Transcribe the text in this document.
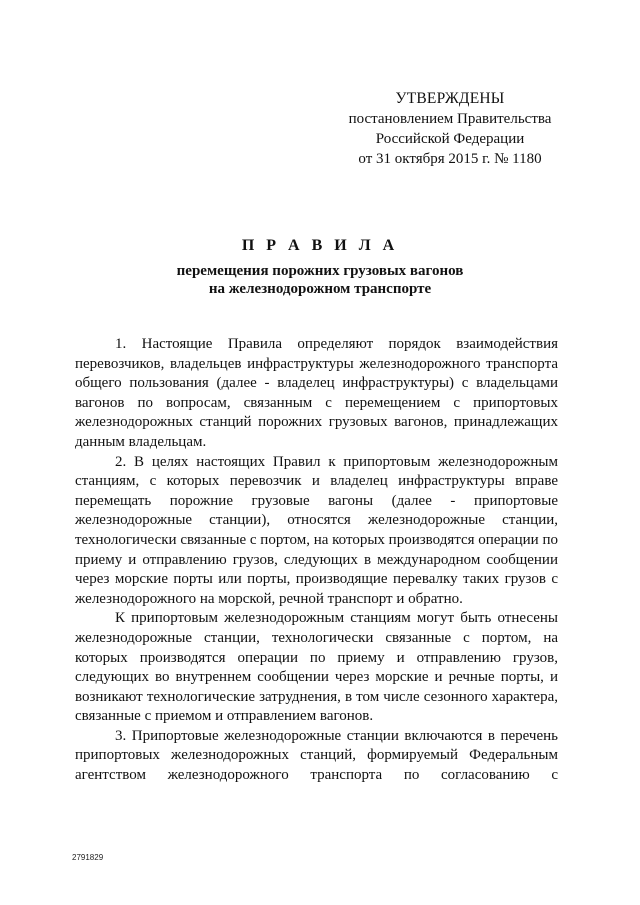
УТВЕРЖДЕНЫ
постановлением Правительства
Российской Федерации
от 31 октября 2015 г. № 1180
П Р А В И Л А
перемещения порожних грузовых вагонов
на железнодорожном транспорте

1. Настоящие Правила определяют порядок взаимодействия перевозчиков, владельцев инфраструктуры железнодорожного транспорта общего пользования (далее - владелец инфраструктуры) с владельцами вагонов по вопросам, связанным с перемещением с припортовых железнодорожных станций порожних грузовых вагонов, принадлежащих данным владельцам.

2. В целях настоящих Правил к припортовым железнодорожным станциям, с которых перевозчик и владелец инфраструктуры вправе перемещать порожние грузовые вагоны (далее - припортовые железнодорожные станции), относятся железнодорожные станции, технологически связанные с портом, на которых производятся операции по приему и отправлению грузов, следующих в международном сообщении через морские порты или порты, производящие перевалку таких грузов с железнодорожного на морской, речной транспорт и обратно.

К припортовым железнодорожным станциям могут быть отнесены железнодорожные станции, технологически связанные с портом, на которых производятся операции по приему и отправлению грузов, следующих во внутреннем сообщении через морские и речные порты, и возникают технологические затруднения, в том числе сезонного характера, связанные с приемом и отправлением вагонов.

3. Припортовые железнодорожные станции включаются в перечень припортовых железнодорожных станций, формируемый Федеральным агентством железнодорожного транспорта по согласованию с

2791829
